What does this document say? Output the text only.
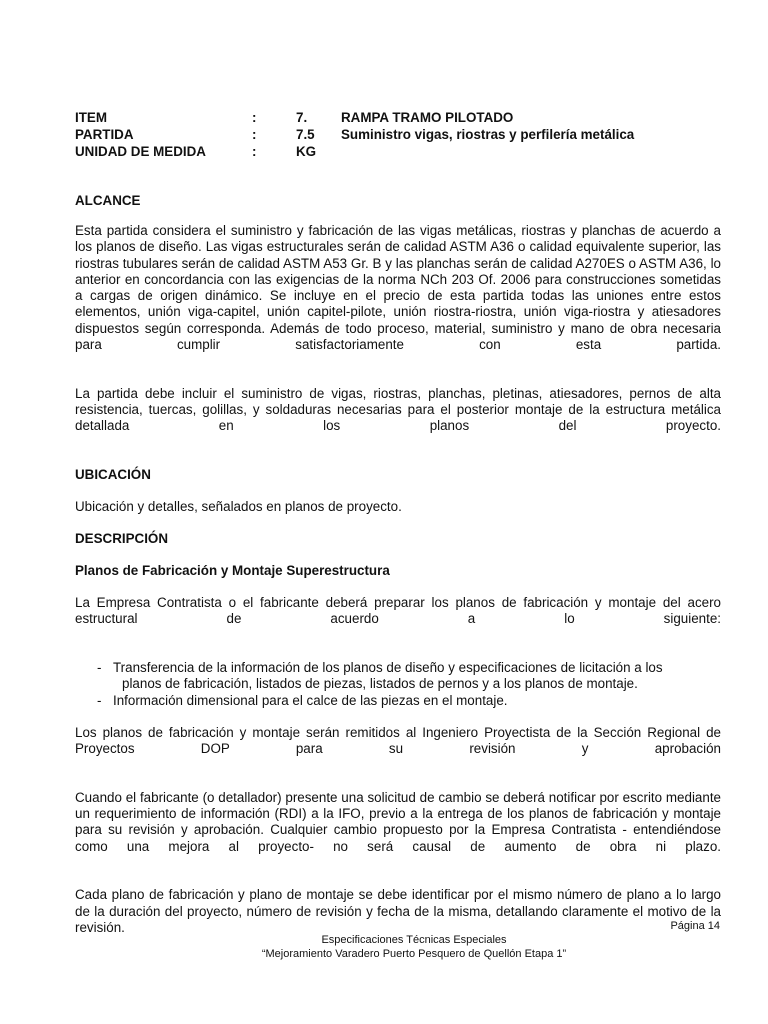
ITEM	:	7.	RAMPA TRAMO PILOTADO
PARTIDA	:	7.5	Suministro vigas, riostras y perfilería metálica
UNIDAD DE MEDIDA	:	KG

ALCANCE

Esta partida considera el suministro y fabricación de las vigas metálicas, riostras y planchas de acuerdo a los planos de diseño. Las vigas estructurales serán de calidad ASTM A36 o calidad equivalente superior, las riostras tubulares serán de calidad ASTM A53 Gr. B y las planchas serán de calidad A270ES o ASTM A36, lo anterior en concordancia con las exigencias de la norma NCh 203 Of. 2006 para construcciones sometidas a cargas de origen dinámico. Se incluye en el precio de esta partida todas las uniones entre estos elementos, unión viga-capitel, unión capitel-pilote, unión riostra-riostra, unión viga-riostra y atiesadores dispuestos según corresponda. Además de todo proceso, material, suministro y mano de obra necesaria para cumplir satisfactoriamente con esta partida.

La partida debe incluir el suministro de vigas, riostras, planchas, pletinas, atiesadores, pernos de alta resistencia, tuercas, golillas, y soldaduras necesarias para el posterior montaje de la estructura metálica detallada en los planos del proyecto.

UBICACIÓN

Ubicación y detalles, señalados en planos de proyecto.

DESCRIPCIÓN

Planos de Fabricación y Montaje Superestructura

La Empresa Contratista o el fabricante deberá preparar los planos de fabricación y montaje del acero estructural de acuerdo a lo siguiente:

- Transferencia de la información de los planos de diseño y especificaciones de licitación a los
planos de fabricación, listados de piezas, listados de pernos y a los planos de montaje.
- Información dimensional para el calce de las piezas en el montaje.

Los planos de fabricación y montaje serán remitidos al Ingeniero Proyectista de la Sección Regional de Proyectos DOP para su revisión y aprobación

Cuando el fabricante (o detallador) presente una solicitud de cambio se deberá notificar por escrito mediante un requerimiento de información (RDI) a la IFO, previo a la entrega de los planos de fabricación y montaje para su revisión y aprobación. Cualquier cambio propuesto por la Empresa Contratista - entendiéndose como una mejora al proyecto- no será causal de aumento de obra ni plazo.

Cada plano de fabricación y plano de montaje se debe identificar por el mismo número de plano a lo largo de la duración del proyecto, número de revisión y fecha de la misma, detallando claramente el motivo de la revisión.	Página 14
Especificaciones Técnicas Especiales
“Mejoramiento Varadero Puerto Pesquero de Quellón Etapa 1”
